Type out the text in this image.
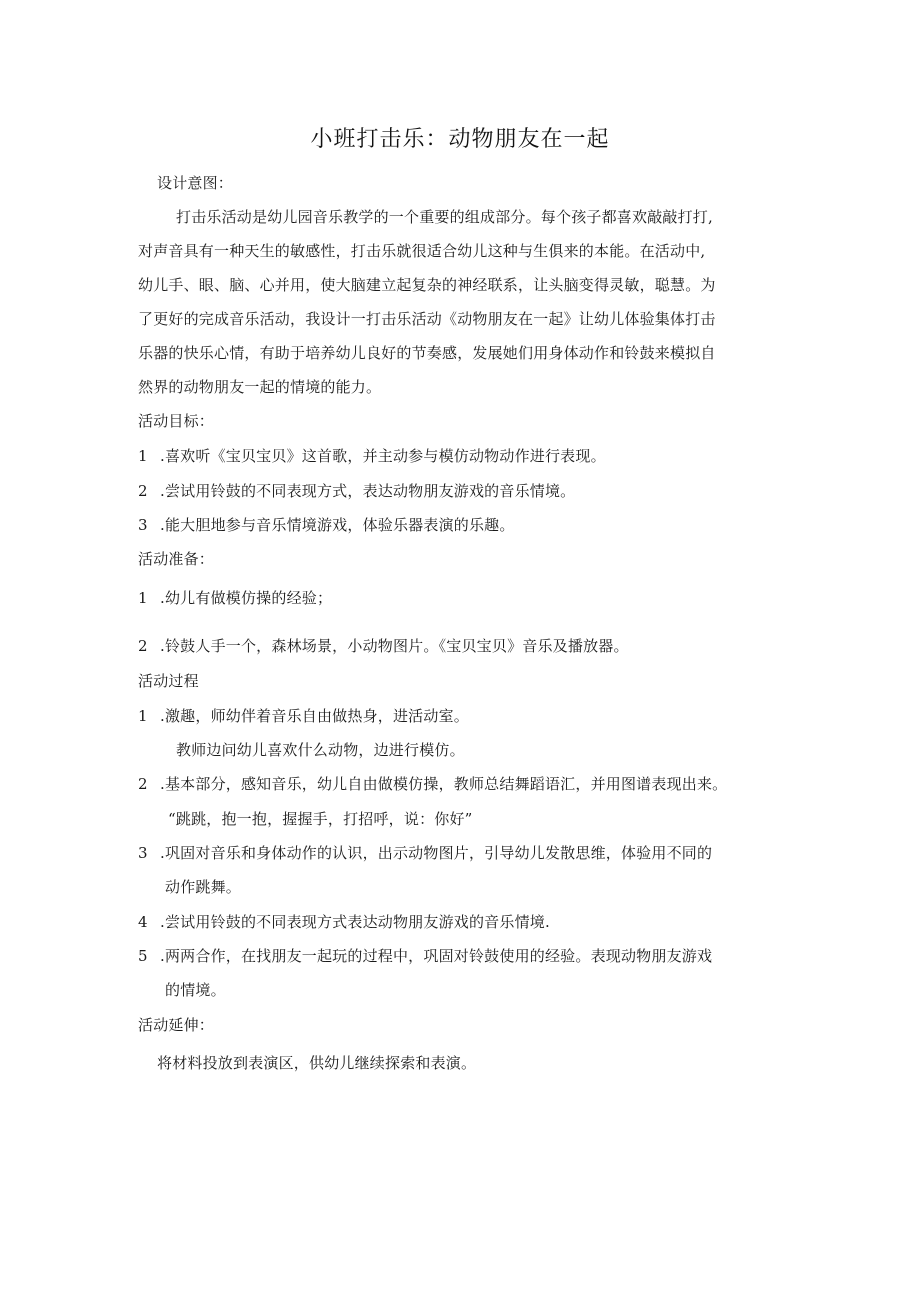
小班打击乐：动物朋友在一起
设计意图：
打击乐活动是幼儿园音乐教学的一个重要的组成部分。每个孩子都喜欢敲敲打打,
对声音具有一种天生的敏感性，打击乐就很适合幼儿这种与生俱来的本能。在活动中,
幼儿手、眼、脑、心并用，使大脑建立起复杂的神经联系，让头脑变得灵敏，聪慧。为
了更好的完成音乐活动，我设计一打击乐活动《动物朋友在一起》让幼儿体验集体打击
乐器的快乐心情，有助于培养幼儿良好的节奏感，发展她们用身体动作和铃鼓来模拟自
然界的动物朋友一起的情境的能力。
活动目标：
1 .喜欢听《宝贝宝贝》这首歌，并主动参与模仿动物动作进行表现。
2 .尝试用铃鼓的不同表现方式，表达动物朋友游戏的音乐情境。
3 .能大胆地参与音乐情境游戏，体验乐器表演的乐趣。
活动准备：
1 .幼儿有做模仿操的经验；
2 .铃鼓人手一个，森林场景，小动物图片。《宝贝宝贝》音乐及播放器。
活动过程
1 .激趣，师幼伴着音乐自由做热身，进活动室。
教师边问幼儿喜欢什么动物，边进行模仿。
2 .基本部分，感知音乐，幼儿自由做模仿操，教师总结舞蹈语汇，并用图谱表现出来。
“跳跳，抱一抱，握握手，打招呼，说：你好”
3 .巩固对音乐和身体动作的认识，出示动物图片，引导幼儿发散思维，体验用不同的
动作跳舞。
4 .尝试用铃鼓的不同表现方式表达动物朋友游戏的音乐情境.
5 .两两合作，在找朋友一起玩的过程中，巩固对铃鼓使用的经验。表现动物朋友游戏
的情境。
活动延伸：
将材料投放到表演区，供幼儿继续探索和表演。
